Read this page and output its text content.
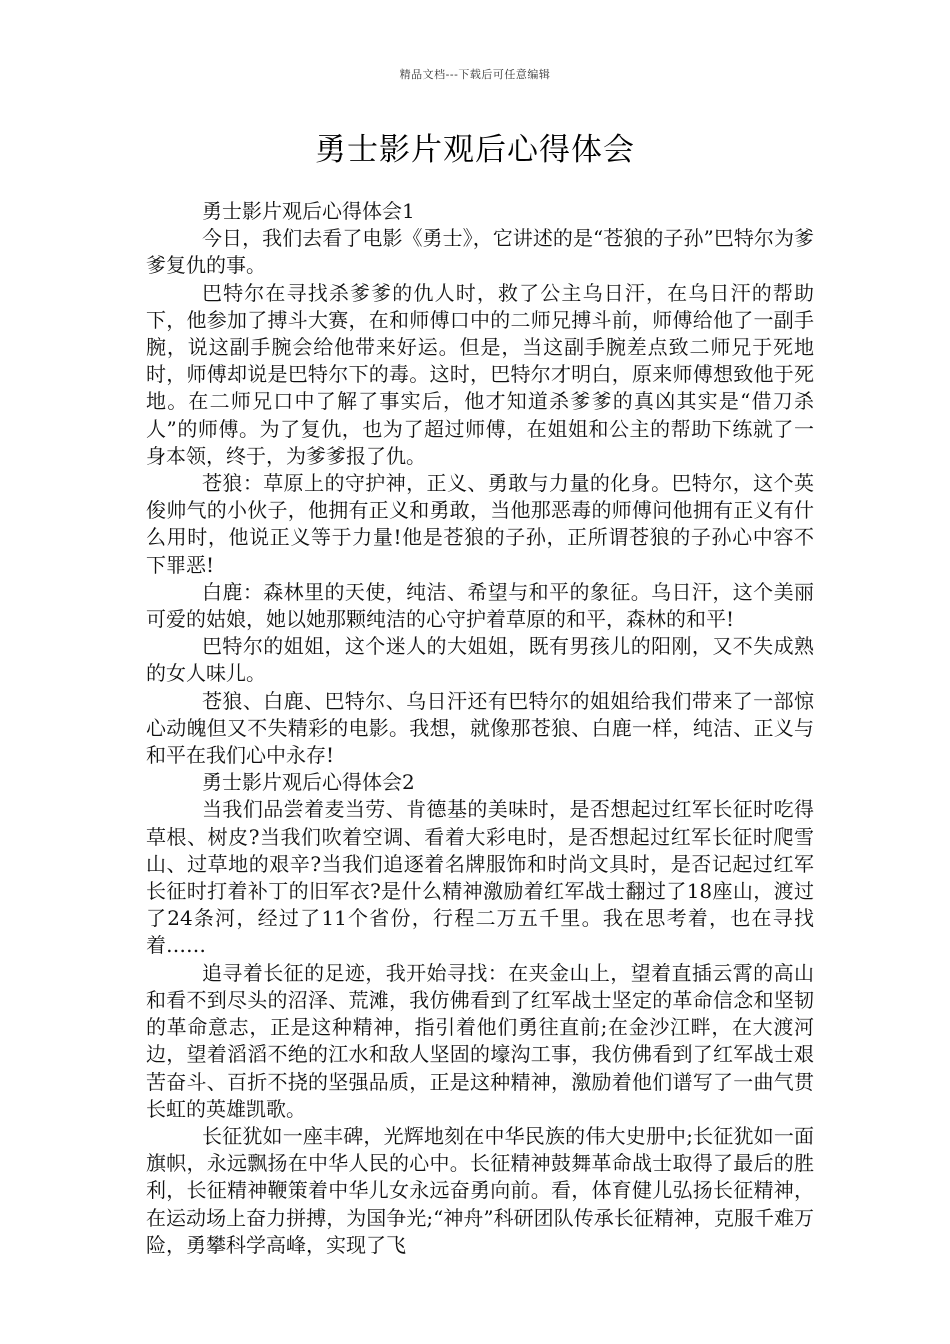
精品文档---下载后可任意编辑
勇士影片观后心得体会

勇士影片观后心得体会1

今日，我们去看了电影《勇士》，它讲述的是“苍狼的子孙”巴特尔为爹爹复仇的事。

巴特尔在寻找杀爹爹的仇人时，救了公主乌日汗，在乌日汗的帮助下，他参加了搏斗大赛，在和师傅口中的二师兄搏斗前，师傅给他了一副手腕，说这副手腕会给他带来好运。但是，当这副手腕差点致二师兄于死地时，师傅却说是巴特尔下的毒。这时，巴特尔才明白，原来师傅想致他于死地。在二师兄口中了解了事实后，他才知道杀爹爹的真凶其实是“借刀杀人”的师傅。为了复仇，也为了超过师傅，在姐姐和公主的帮助下练就了一身本领，终于，为爹爹报了仇。

苍狼：草原上的守护神，正义、勇敢与力量的化身。巴特尔，这个英俊帅气的小伙子，他拥有正义和勇敢，当他那恶毒的师傅问他拥有正义有什么用时，他说正义等于力量!他是苍狼的子孙，正所谓苍狼的子孙心中容不下罪恶!

白鹿：森林里的天使，纯洁、希望与和平的象征。乌日汗，这个美丽可爱的姑娘，她以她那颗纯洁的心守护着草原的和平，森林的和平!

巴特尔的姐姐，这个迷人的大姐姐，既有男孩儿的阳刚，又不失成熟的女人味儿。

苍狼、白鹿、巴特尔、乌日汗还有巴特尔的姐姐给我们带来了一部惊心动魄但又不失精彩的电影。我想，就像那苍狼、白鹿一样，纯洁、正义与和平在我们心中永存!

勇士影片观后心得体会2

当我们品尝着麦当劳、肯德基的美味时，是否想起过红军长征时吃得草根、树皮?当我们吹着空调、看着大彩电时，是否想起过红军长征时爬雪山、过草地的艰辛?当我们追逐着名牌服饰和时尚文具时，是否记起过红军长征时打着补丁的旧军衣?是什么精神激励着红军战士翻过了18座山，渡过了24条河，经过了11个省份，行程二万五千里。我在思考着，也在寻找着……

追寻着长征的足迹，我开始寻找：在夹金山上，望着直插云霄的高山和看不到尽头的沼泽、荒滩，我仿佛看到了红军战士坚定的革命信念和坚韧的革命意志，正是这种精神，指引着他们勇往直前;在金沙江畔，在大渡河边，望着滔滔不绝的江水和敌人坚固的壕沟工事，我仿佛看到了红军战士艰苦奋斗、百折不挠的坚强品质，正是这种精神，激励着他们谱写了一曲气贯长虹的英雄凯歌。

长征犹如一座丰碑，光辉地刻在中华民族的伟大史册中;长征犹如一面旗帜，永远飘扬在中华人民的心中。长征精神鼓舞革命战士取得了最后的胜利，长征精神鞭策着中华儿女永远奋勇向前。看，体育健儿弘扬长征精神，在运动场上奋力拼搏，为国争光;“神舟”科研团队传承长征精神，克服千难万险，勇攀科学高峰，实现了飞
